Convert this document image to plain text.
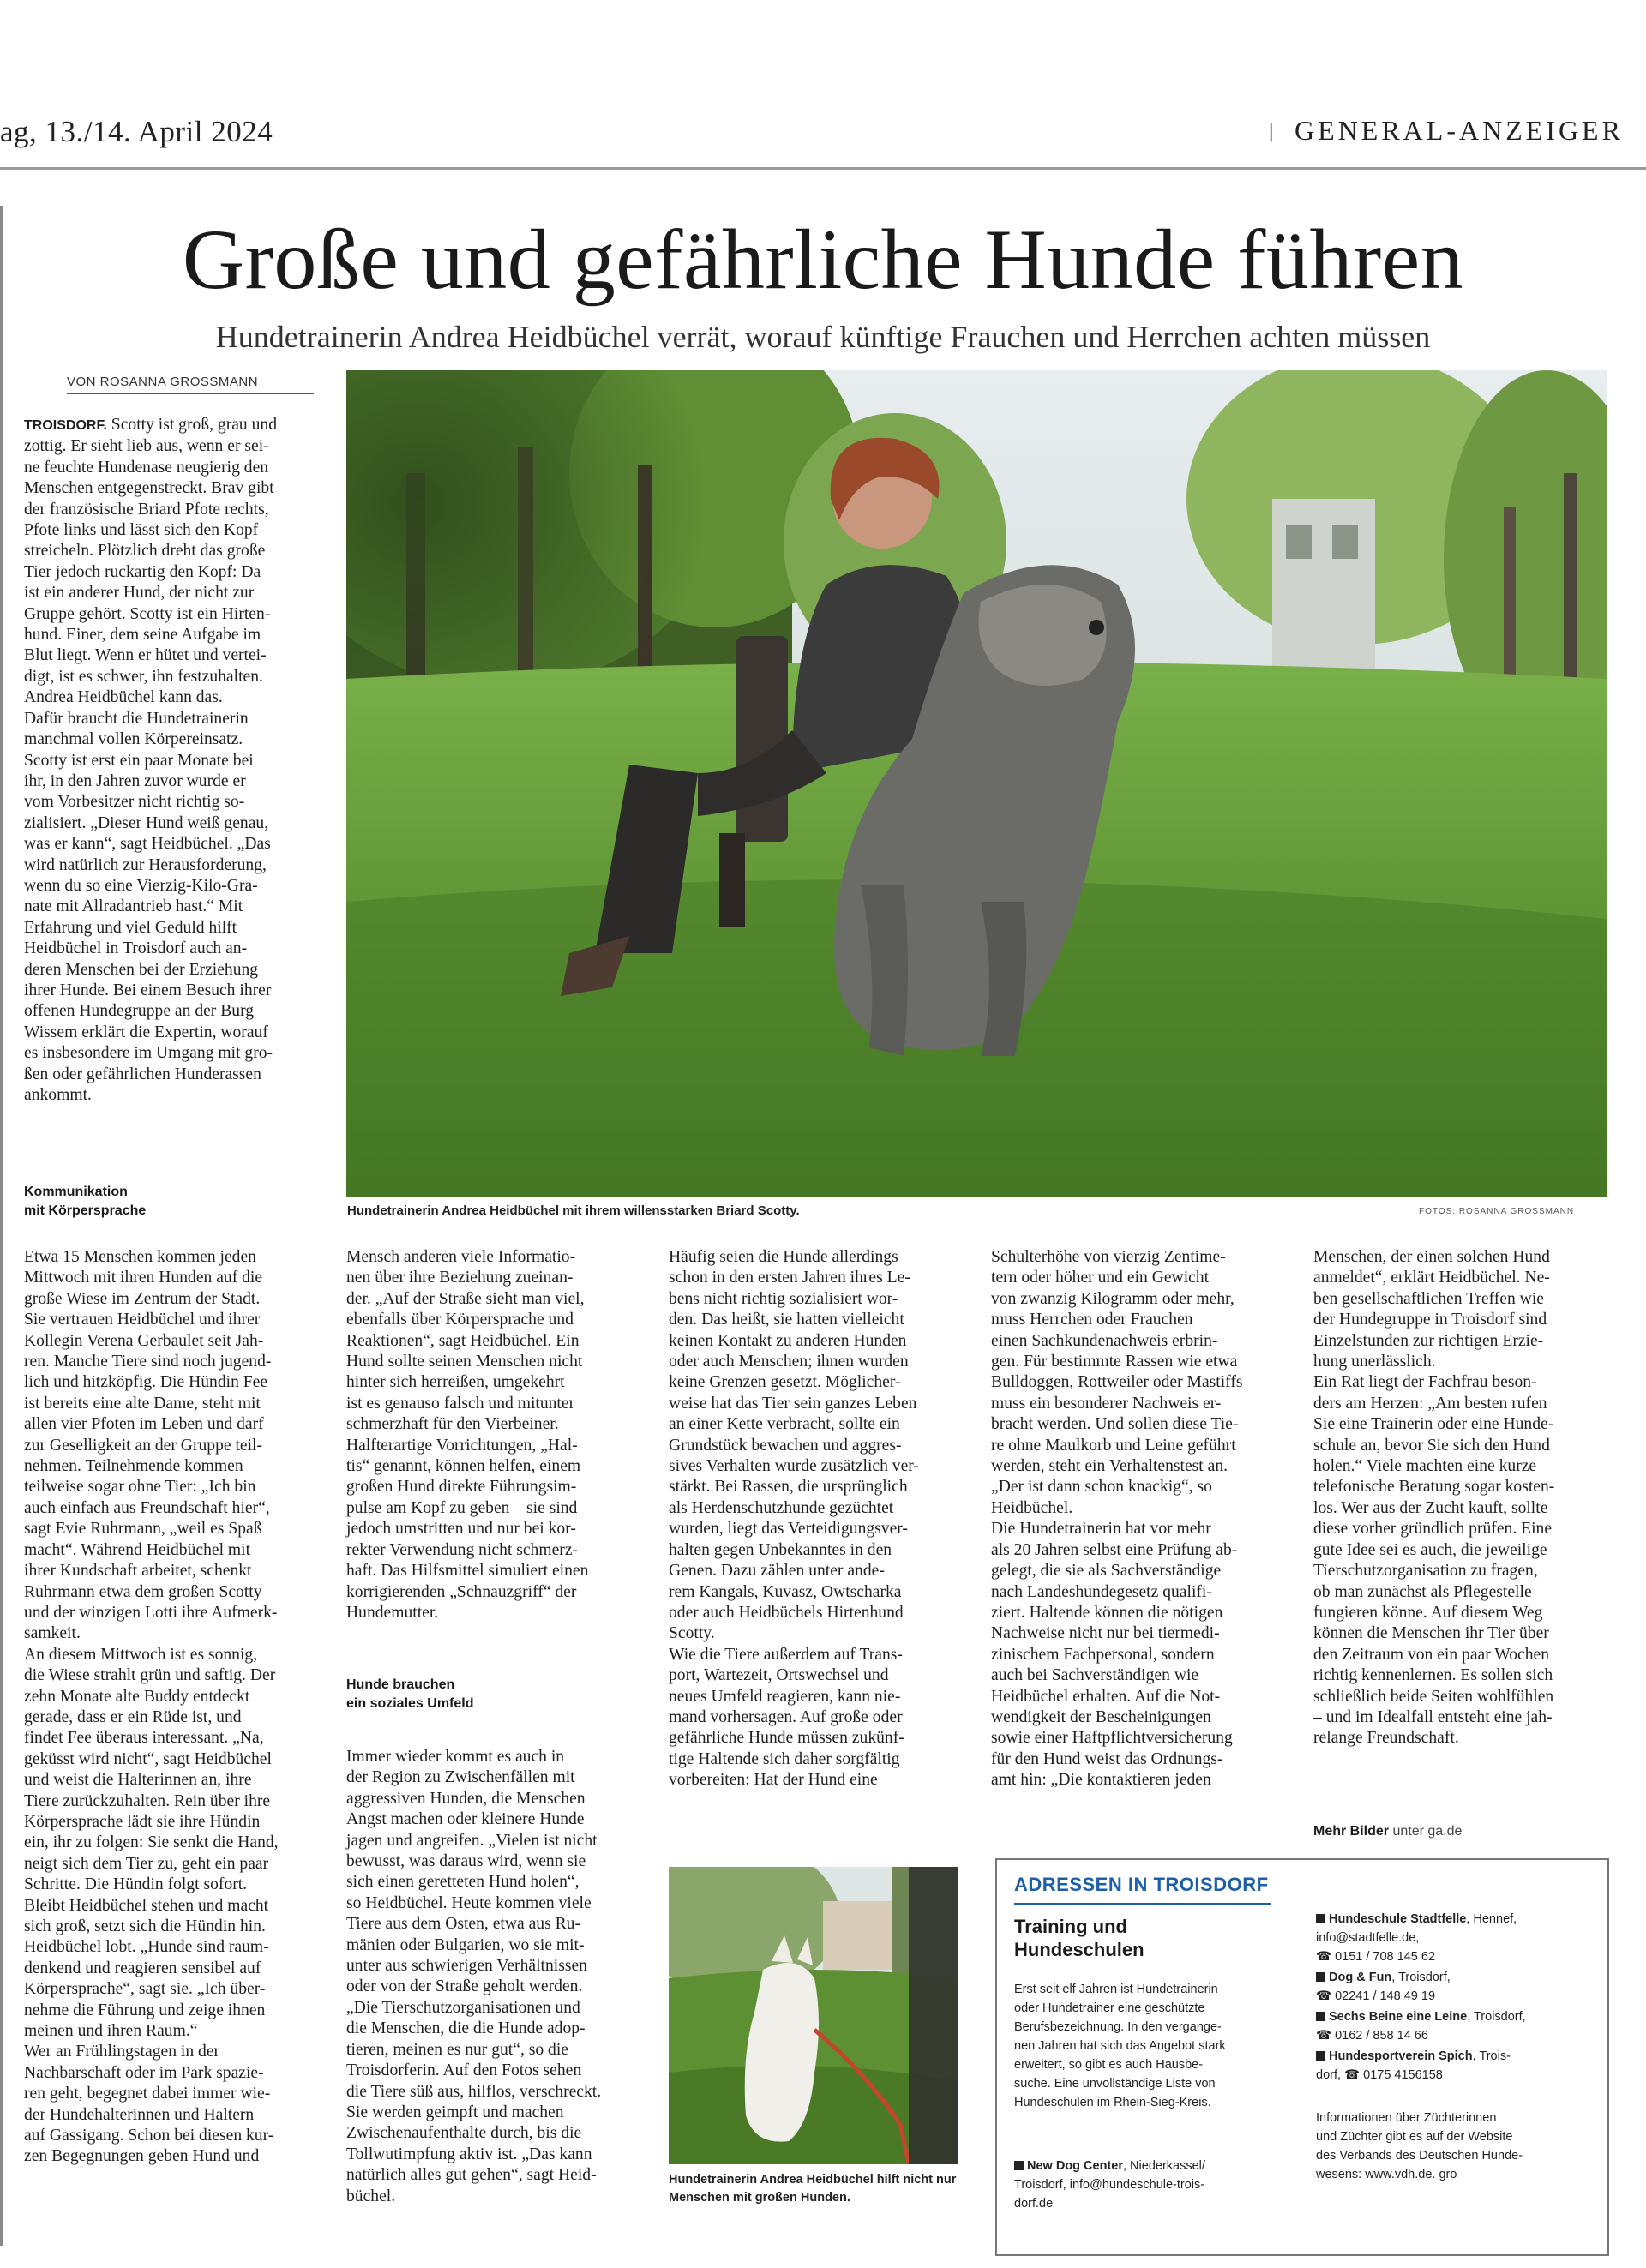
ag, 13./14. April 2024	| GENERAL-ANZEIGER
Große und gefährliche Hunde führen
Hundetrainerin Andrea Heidbüchel verrät, worauf künftige Frauchen und Herrchen achten müssen
VON ROSANNA GROSSMANN
TROISDORF. Scotty ist groß, grau und
zottig. Er sieht lieb aus, wenn er sei-
ne feuchte Hundenase neugierig den
Menschen entgegenstreckt. Brav gibt
der französische Briard Pfote rechts,
Pfote links und lässt sich den Kopf
streicheln. Plötzlich dreht das große
Tier jedoch ruckartig den Kopf: Da
ist ein anderer Hund, der nicht zur
Gruppe gehört. Scotty ist ein Hirten-
hund. Einer, dem seine Aufgabe im
Blut liegt. Wenn er hütet und vertei-
digt, ist es schwer, ihn festzuhalten.
Andrea Heidbüchel kann das.
Dafür braucht die Hundetrainerin
manchmal vollen Körpereinsatz.
Scotty ist erst ein paar Monate bei
ihr, in den Jahren zuvor wurde er
vom Vorbesitzer nicht richtig so-
zialisiert. „Dieser Hund weiß genau,
was er kann“, sagt Heidbüchel. „Das
wird natürlich zur Herausforderung,
wenn du so eine Vierzig-Kilo-Gra-
nate mit Allradantrieb hast.“ Mit
Erfahrung und viel Geduld hilft
Heidbüchel in Troisdorf auch an-
deren Menschen bei der Erziehung
ihrer Hunde. Bei einem Besuch ihrer
offenen Hundegruppe an der Burg
Wissem erklärt die Expertin, worauf
es insbesondere im Umgang mit gro-
ßen oder gefährlichen Hunderassen
ankommt.
Kommunikation
mit Körpersprache
Etwa 15 Menschen kommen jeden
Mittwoch mit ihren Hunden auf die
große Wiese im Zentrum der Stadt.
Sie vertrauen Heidbüchel und ihrer
Kollegin Verena Gerbaulet seit Jah-
ren. Manche Tiere sind noch jugend-
lich und hitzköpfig. Die Hündin Fee
ist bereits eine alte Dame, steht mit
allen vier Pfoten im Leben und darf
zur Geselligkeit an der Gruppe teil-
nehmen. Teilnehmende kommen
teilweise sogar ohne Tier: „Ich bin
auch einfach aus Freundschaft hier“,
sagt Evie Ruhrmann, „weil es Spaß
macht“. Während Heidbüchel mit
ihrer Kundschaft arbeitet, schenkt
Ruhrmann etwa dem großen Scotty
und der winzigen Lotti ihre Aufmerk-
samkeit.
An diesem Mittwoch ist es sonnig,
die Wiese strahlt grün und saftig. Der
zehn Monate alte Buddy entdeckt
gerade, dass er ein Rüde ist, und
findet Fee überaus interessant. „Na,
geküsst wird nicht“, sagt Heidbüchel
und weist die Halterinnen an, ihre
Tiere zurückzuhalten. Rein über ihre
Körpersprache lädt sie ihre Hündin
ein, ihr zu folgen: Sie senkt die Hand,
neigt sich dem Tier zu, geht ein paar
Schritte. Die Hündin folgt sofort.
Bleibt Heidbüchel stehen und macht
sich groß, setzt sich die Hündin hin.
Heidbüchel lobt. „Hunde sind raum-
denkend und reagieren sensibel auf
Körpersprache“, sagt sie. „Ich über-
nehme die Führung und zeige ihnen
meinen und ihren Raum.“
Wer an Frühlingstagen in der
Nachbarschaft oder im Park spazie-
ren geht, begegnet dabei immer wie-
der Hundehalterinnen und Haltern
auf Gassigang. Schon bei diesen kur-
zen Begegnungen geben Hund und
Hundetrainerin Andrea Heidbüchel mit ihrem willensstarken Briard Scotty.	FOTOS: ROSANNA GROSSMANN
Mensch anderen viele Informatio-
nen über ihre Beziehung zueinan-
der. „Auf der Straße sieht man viel,
ebenfalls über Körpersprache und
Reaktionen“, sagt Heidbüchel. Ein
Hund sollte seinen Menschen nicht
hinter sich herreißen, umgekehrt
ist es genauso falsch und mitunter
schmerzhaft für den Vierbeiner.
Halfterartige Vorrichtungen, „Hal-
tis“ genannt, können helfen, einem
großen Hund direkte Führungsim-
pulse am Kopf zu geben – sie sind
jedoch umstritten und nur bei kor-
rekter Verwendung nicht schmerz-
haft. Das Hilfsmittel simuliert einen
korrigierenden „Schnauzgriff“ der
Hundemutter.
Hunde brauchen
ein soziales Umfeld
Immer wieder kommt es auch in
der Region zu Zwischenfällen mit
aggressiven Hunden, die Menschen
Angst machen oder kleinere Hunde
jagen und angreifen. „Vielen ist nicht
bewusst, was daraus wird, wenn sie
sich einen geretteten Hund holen“,
so Heidbüchel. Heute kommen viele
Tiere aus dem Osten, etwa aus Ru-
mänien oder Bulgarien, wo sie mit-
unter aus schwierigen Verhältnissen
oder von der Straße geholt werden.
„Die Tierschutzorganisationen und
die Menschen, die die Hunde adop-
tieren, meinen es nur gut“, so die
Troisdorferin. Auf den Fotos sehen
die Tiere süß aus, hilflos, verschreckt.
Sie werden geimpft und machen
Zwischenaufenthalte durch, bis die
Tollwutimpfung aktiv ist. „Das kann
natürlich alles gut gehen“, sagt Heid-
büchel.
Häufig seien die Hunde allerdings
schon in den ersten Jahren ihres Le-
bens nicht richtig sozialisiert wor-
den. Das heißt, sie hatten vielleicht
keinen Kontakt zu anderen Hunden
oder auch Menschen; ihnen wurden
keine Grenzen gesetzt. Möglicher-
weise hat das Tier sein ganzes Leben
an einer Kette verbracht, sollte ein
Grundstück bewachen und aggres-
sives Verhalten wurde zusätzlich ver-
stärkt. Bei Rassen, die ursprünglich
als Herdenschutzhunde gezüchtet
wurden, liegt das Verteidigungsver-
halten gegen Unbekanntes in den
Genen. Dazu zählen unter ande-
rem Kangals, Kuvasz, Owtscharka
oder auch Heidbüchels Hirtenhund
Scotty.
Wie die Tiere außerdem auf Trans-
port, Wartezeit, Ortswechsel und
neues Umfeld reagieren, kann nie-
mand vorhersagen. Auf große oder
gefährliche Hunde müssen zukünf-
tige Haltende sich daher sorgfältig
vorbereiten: Hat der Hund eine
Hundetrainerin Andrea Heidbüchel hilft nicht nur Menschen mit großen Hunden.
Schulterhöhe von vierzig Zentime-
tern oder höher und ein Gewicht
von zwanzig Kilogramm oder mehr,
muss Herrchen oder Frauchen
einen Sachkundenachweis erbrin-
gen. Für bestimmte Rassen wie etwa
Bulldoggen, Rottweiler oder Mastiffs
muss ein besonderer Nachweis er-
bracht werden. Und sollen diese Tie-
re ohne Maulkorb und Leine geführt
werden, steht ein Verhaltenstest an.
„Der ist dann schon knackig“, so
Heidbüchel.
Die Hundetrainerin hat vor mehr
als 20 Jahren selbst eine Prüfung ab-
gelegt, die sie als Sachverständige
nach Landeshundegesetz qualifi-
ziert. Haltende können die nötigen
Nachweise nicht nur bei tiermedi-
zinischem Fachpersonal, sondern
auch bei Sachverständigen wie
Heidbüchel erhalten. Auf die Not-
wendigkeit der Bescheinigungen
sowie einer Haftpflichtversicherung
für den Hund weist das Ordnungs-
amt hin: „Die kontaktieren jeden
Menschen, der einen solchen Hund
anmeldet“, erklärt Heidbüchel. Ne-
ben gesellschaftlichen Treffen wie
der Hundegruppe in Troisdorf sind
Einzelstunden zur richtigen Erzie-
hung unerlässlich.
Ein Rat liegt der Fachfrau beson-
ders am Herzen: „Am besten rufen
Sie eine Trainerin oder eine Hunde-
schule an, bevor Sie sich den Hund
holen.“ Viele machten eine kurze
telefonische Beratung sogar kosten-
los. Wer aus der Zucht kauft, sollte
diese vorher gründlich prüfen. Eine
gute Idee sei es auch, die jeweilige
Tierschutzorganisation zu fragen,
ob man zunächst als Pflegestelle
fungieren könne. Auf diesem Weg
können die Menschen ihr Tier über
den Zeitraum von ein paar Wochen
richtig kennenlernen. Es sollen sich
schließlich beide Seiten wohlfühlen
– und im Idealfall entsteht eine jah-
relange Freundschaft.
Mehr Bilder unter ga.de
ADRESSEN IN TROISDORF
Training und
Hundeschulen
Erst seit elf Jahren ist Hundetrainerin
oder Hundetrainer eine geschützte
Berufsbezeichnung. In den vergange-
nen Jahren hat sich das Angebot stark
erweitert, so gibt es auch Hausbe-
suche. Eine unvollständige Liste von
Hundeschulen im Rhein-Sieg-Kreis.
New Dog Center, Niederkassel/
Troisdorf, info@hundeschule-trois-
dorf.de
Hundeschule Stadtfelle, Hennef,
info@stadtfelle.de,
☎ 0151 / 708 145 62
Dog & Fun, Troisdorf,
☎ 02241 / 148 49 19
Sechs Beine eine Leine, Troisdorf,
☎ 0162 / 858 14 66
Hundesportverein Spich, Trois-
dorf, ☎ 0175 4156158
Informationen über Züchterinnen
und Züchter gibt es auf der Website
des Verbands des Deutschen Hunde-
wesens: www.vdh.de. gro
